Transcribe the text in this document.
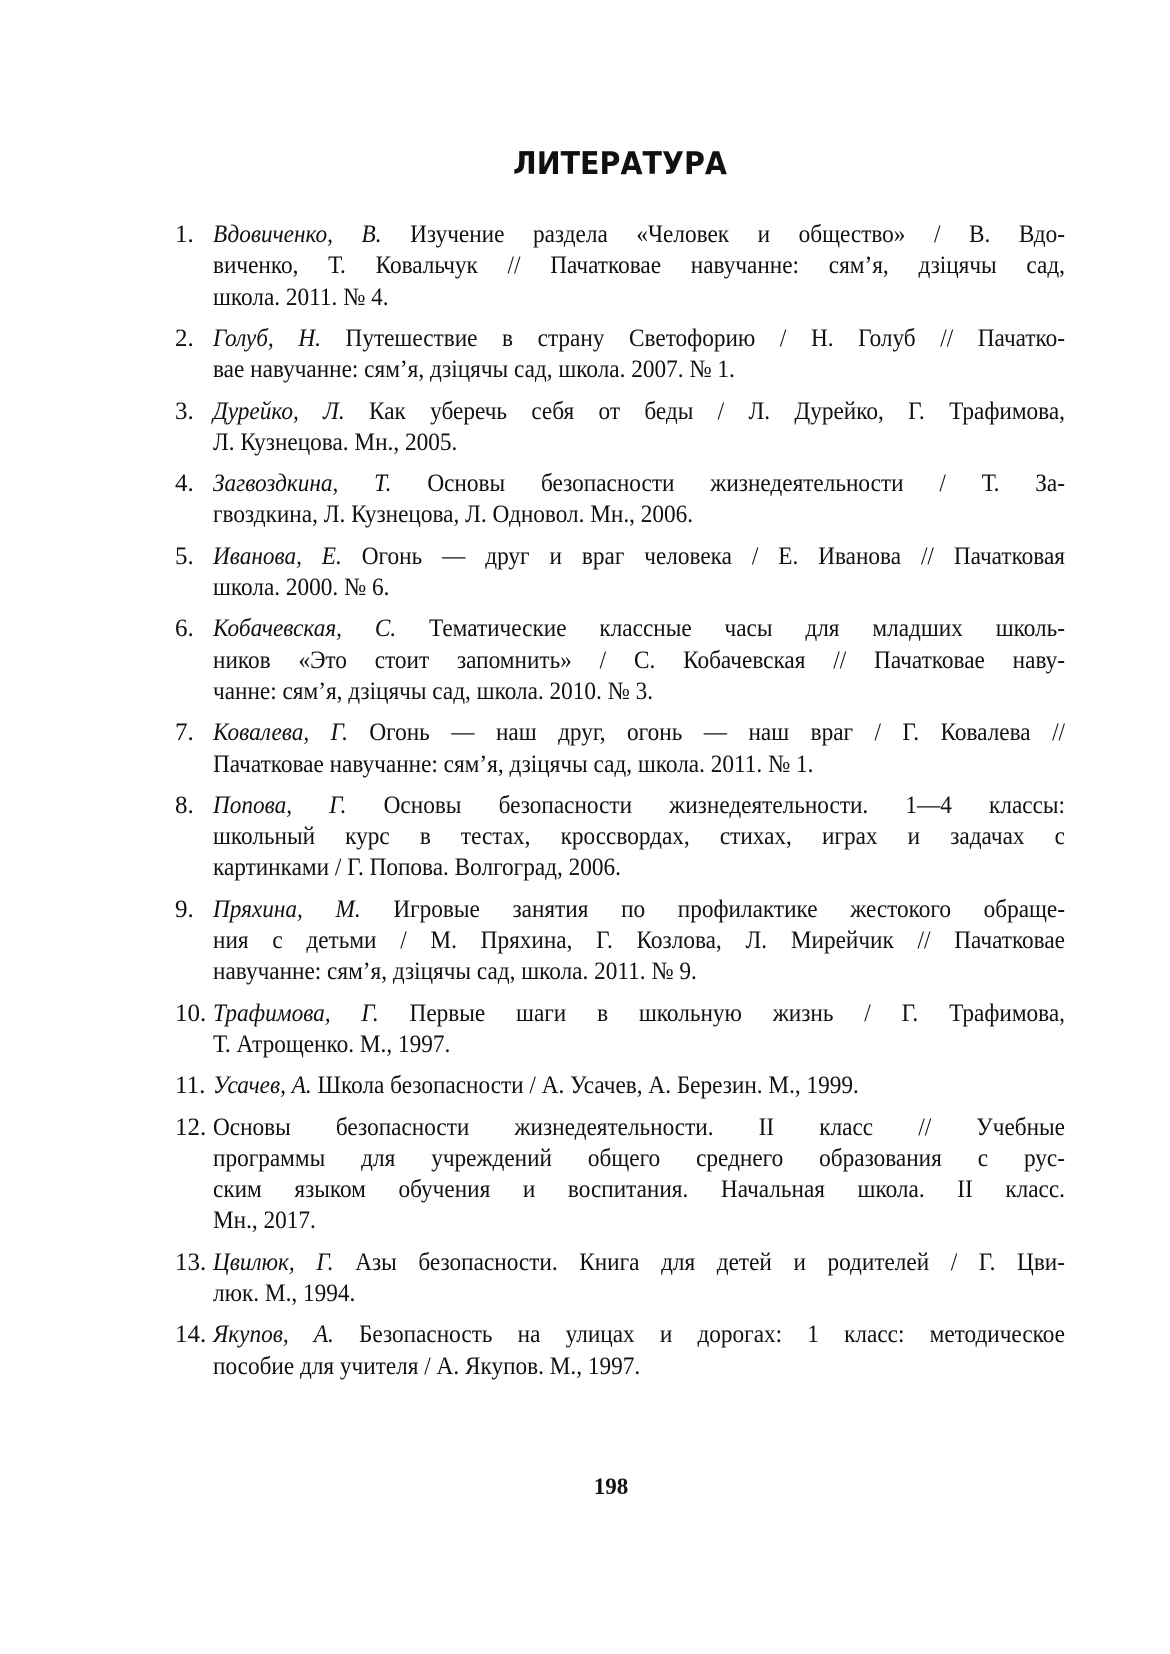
ЛИТЕРАТУРА
1. Вдовиченко, В. Изучение раздела «Человек и общество» / В. Вдо-
виченко, Т. Ковальчук // Пачатковае навучанне: сям’я, дзіцячы сад,
школа. 2011. № 4.
2. Голуб, Н. Путешествие в страну Светофорию / Н. Голуб // Пачатко-
вае навучанне: сям’я, дзіцячы сад, школа. 2007. № 1.
3. Дурейко, Л. Как уберечь себя от беды / Л. Дурейко, Г. Трафимова,
Л. Кузнецова. Мн., 2005.
4. Загвоздкина, Т. Основы безопасности жизнедеятельности / Т. За-
гвоздкина, Л. Кузнецова, Л. Одновол. Мн., 2006.
5. Иванова, Е. Огонь — друг и враг человека / Е. Иванова // Пачатковая
школа. 2000. № 6.
6. Кобачевская, С. Тематические классные часы для младших школь-
ников «Это стоит запомнить» / С. Кобачевская // Пачатковае наву-
чанне: сям’я, дзіцячы сад, школа. 2010. № 3.
7. Ковалева, Г. Огонь — наш друг, огонь — наш враг / Г. Ковалева //
Пачатковае навучанне: сям’я, дзіцячы сад, школа. 2011. № 1.
8. Попова, Г. Основы безопасности жизнедеятельности. 1—4 классы:
школьный курс в тестах, кроссвордах, стихах, играх и задачах с
картинками / Г. Попова. Волгоград, 2006.
9. Пряхина, М. Игровые занятия по профилактике жестокого обраще-
ния с детьми / М. Пряхина, Г. Козлова, Л. Мирейчик // Пачатковае
навучанне: сям’я, дзіцячы сад, школа. 2011. № 9.
10. Трафимова, Г. Первые шаги в школьную жизнь / Г. Трафимова,
Т. Атрощенко. М., 1997.
11. Усачев, А. Школа безопасности / А. Усачев, А. Березин. М., 1999.
12. Основы безопасности жизнедеятельности. II класс // Учебные
программы для учреждений общего среднего образования с рус-
ским языком обучения и воспитания. Начальная школа. II класс.
Мн., 2017.
13. Цвилюк, Г. Азы безопасности. Книга для детей и родителей / Г. Цви-
люк. М., 1994.
14. Якупов, А. Безопасность на улицах и дорогах: 1 класс: методическое
пособие для учителя / А. Якупов. М., 1997.
198
